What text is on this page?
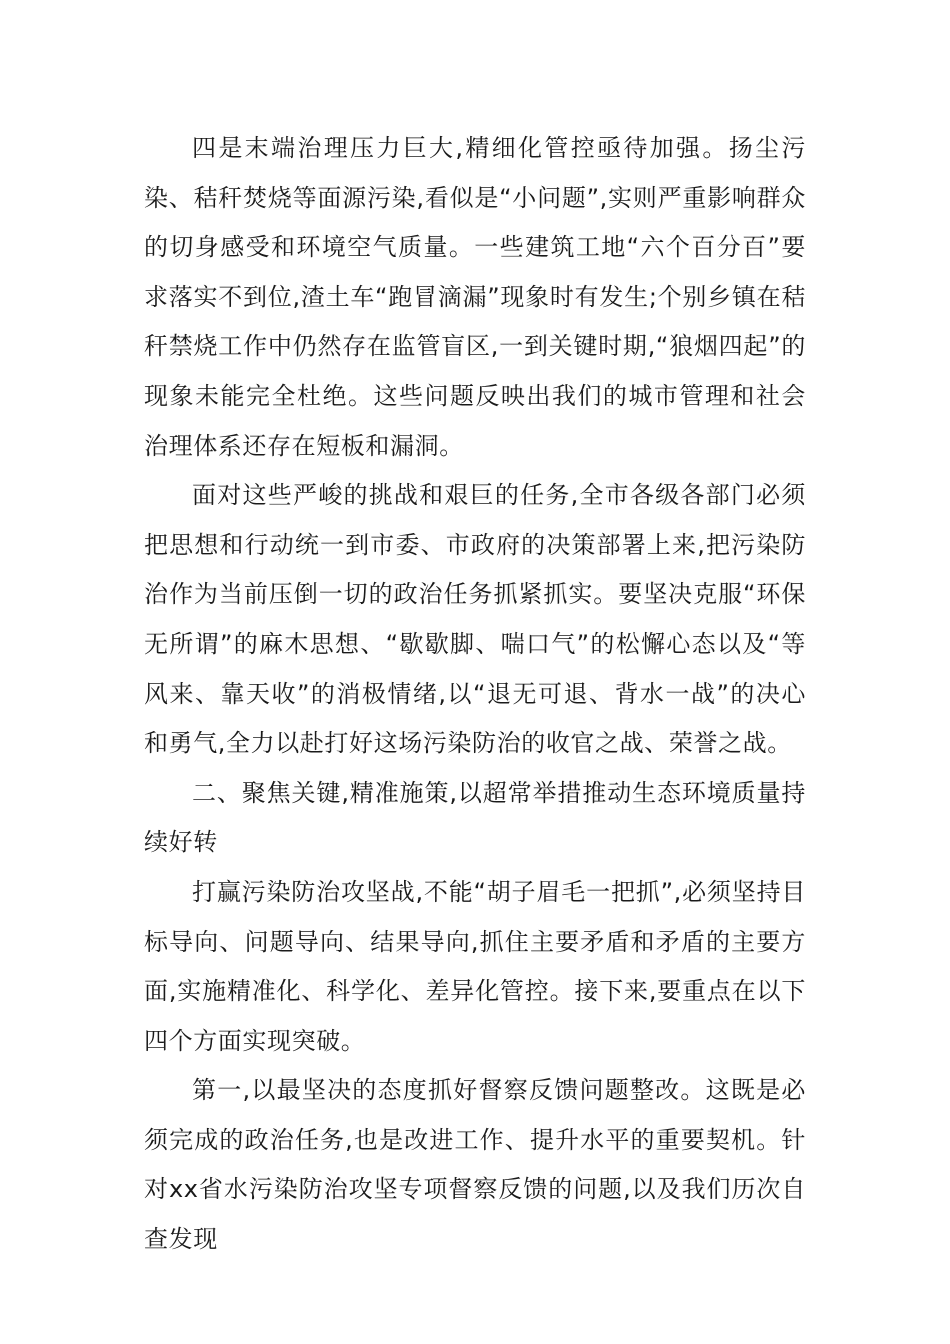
四是末端治理压力巨大,精细化管控亟待加强。扬尘污染、秸秆焚烧等面源污染,看似是“小问题”,实则严重影响群众的切身感受和环境空气质量。一些建筑工地“六个百分百”要求落实不到位,渣土车“跑冒滴漏”现象时有发生;个别乡镇在秸秆禁烧工作中仍然存在监管盲区,一到关键时期,“狼烟四起”的现象未能完全杜绝。这些问题反映出我们的城市管理和社会治理体系还存在短板和漏洞。

面对这些严峻的挑战和艰巨的任务,全市各级各部门必须把思想和行动统一到市委、市政府的决策部署上来,把污染防治作为当前压倒一切的政治任务抓紧抓实。要坚决克服“环保无所谓”的麻木思想、“歇歇脚、喘口气”的松懈心态以及“等风来、靠天收”的消极情绪,以“退无可退、背水一战”的决心和勇气,全力以赴打好这场污染防治的收官之战、荣誉之战。

二、聚焦关键,精准施策,以超常举措推动生态环境质量持续好转

打赢污染防治攻坚战,不能“胡子眉毛一把抓”,必须坚持目标导向、问题导向、结果导向,抓住主要矛盾和矛盾的主要方面,实施精准化、科学化、差异化管控。接下来,要重点在以下四个方面实现突破。

第一,以最坚决的态度抓好督察反馈问题整改。这既是必须完成的政治任务,也是改进工作、提升水平的重要契机。针对xx省水污染防治攻坚专项督察反馈的问题,以及我们历次自查发现
